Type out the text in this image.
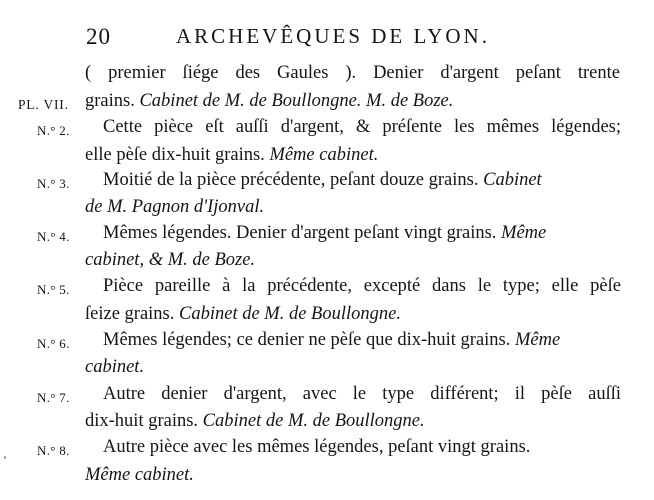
20	ARCHEVÊQUES DE LYON.
( premier ſiége des Gaules ). Denier d'argent peſant trente
PL. VII. grains. Cabinet de M. de Boullongne. M. de Boze.
N.° 2. Cette pièce eſt auſſi d'argent, & préſente les mêmes légendes;
elle pèſe dix-huit grains. Même cabinet.
N.° 3. Moitié de la pièce précédente, peſant douze grains. Cabinet
de M. Pagnon d'Ijonval.
N.° 4. Mêmes légendes. Denier d'argent peſant vingt grains. Même
cabinet, & M. de Boze.
N.° 5. Pièce pareille à la précédente, excepté dans le type; elle pèſe
ſeize grains. Cabinet de M. de Boullongne.
N.° 6. Mêmes légendes; ce denier ne pèſe que dix-huit grains. Même
cabinet.
N.° 7. Autre denier d'argent, avec le type différent; il pèſe auſſi
dix-huit grains. Cabinet de M. de Boullongne.
N.° 8. Autre pièce avec les mêmes légendes, peſant vingt grains.
Même cabinet.
